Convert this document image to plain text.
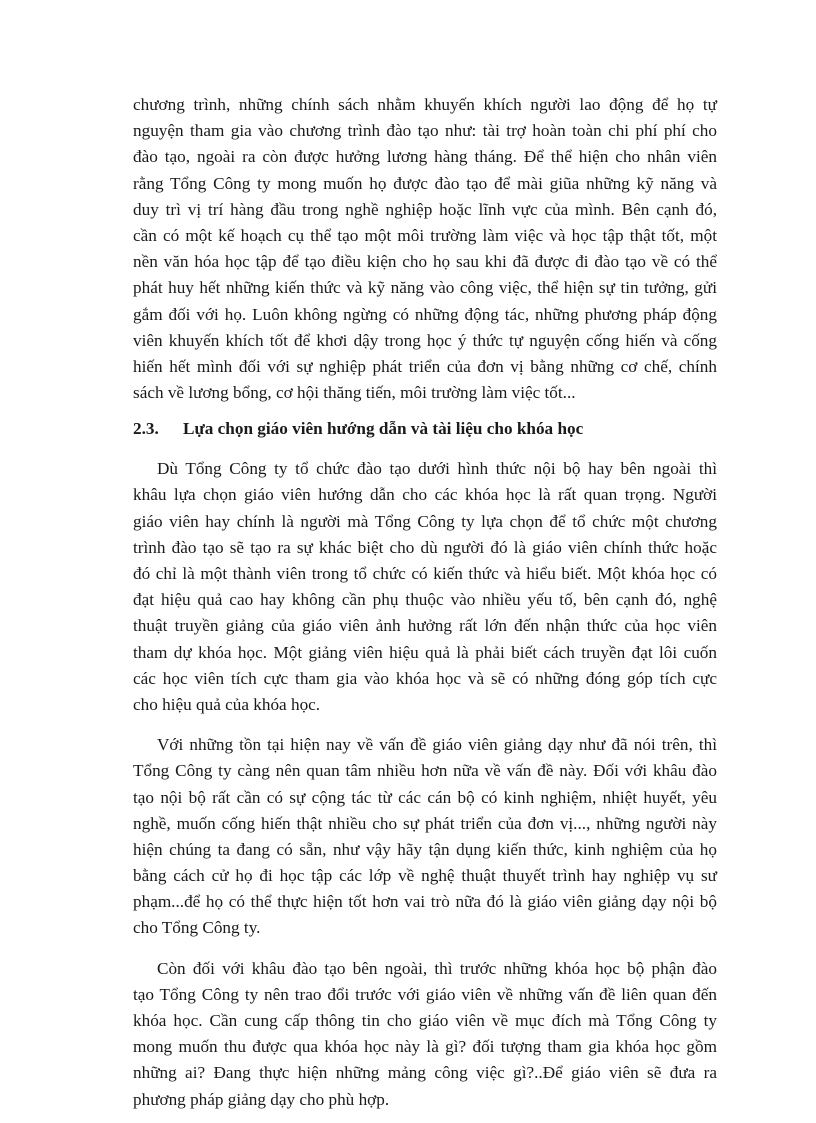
chương trình, những chính sách nhằm khuyến khích người lao động để họ tự
nguyện tham gia vào chương trình đào tạo như: tài trợ hoàn toàn chi phí phí cho
đào tạo, ngoài ra còn được hưởng lương hàng tháng. Để thể hiện cho nhân viên
rằng Tổng Công ty mong muốn họ được đào tạo để mài giũa những kỹ năng và
duy trì vị trí hàng đầu trong nghề nghiệp hoặc lĩnh vực của mình. Bên cạnh đó,
cần có một kế hoạch cụ thể tạo một môi trường làm việc và học tập thật tốt, một
nền văn hóa học tập để tạo điều kiện cho họ sau khi đã được đi đào tạo về có thể
phát huy hết những kiến thức và kỹ năng vào công việc, thể hiện sự tin tưởng, gửi
gắm đối với họ. Luôn không ngừng có những động tác, những phương pháp động
viên khuyến khích tốt để khơi dậy trong học ý thức tự nguyện cống hiến và cống
hiến hết mình đối với sự nghiệp phát triển của đơn vị bằng những cơ chế, chính
sách về lương bổng, cơ hội thăng tiến, môi trường làm việc tốt...
2.3.	Lựa chọn giáo viên hướng dẫn và tài liệu cho khóa học
Dù Tổng Công ty tổ chức đào tạo dưới hình thức nội bộ hay bên ngoài thì
khâu lựa chọn giáo viên hướng dẫn cho các khóa học là rất quan trọng. Người
giáo viên hay chính là người mà Tổng Công ty lựa chọn để tổ chức một chương
trình đào tạo sẽ tạo ra sự khác biệt cho dù người đó là giáo viên chính thức hoặc
đó chỉ là một thành viên trong tổ chức có kiến thức và hiểu biết. Một khóa học có
đạt hiệu quả cao hay không cần phụ thuộc vào nhiều yếu tố, bên cạnh đó, nghệ
thuật truyền giảng của giáo viên ảnh hưởng rất lớn đến nhận thức của học viên
tham dự khóa học. Một giảng viên hiệu quả là phải biết cách truyền đạt lôi cuốn
các học viên tích cực tham gia vào khóa học và sẽ có những đóng góp tích cực
cho hiệu quả của khóa học.
Với những tồn tại hiện nay về vấn đề giáo viên giảng dạy như đã nói trên, thì
Tổng Công ty càng nên quan tâm nhiều hơn nữa về vấn đề này. Đối với khâu đào
tạo nội bộ rất cần có sự cộng tác từ các cán bộ có kinh nghiệm, nhiệt huyết, yêu
nghề, muốn cống hiến thật nhiều cho sự phát triển của đơn vị..., những người này
hiện chúng ta đang có sẵn, như vậy hãy tận dụng kiến thức, kinh nghiệm của họ
bằng cách cử họ đi học tập các lớp về nghệ thuật thuyết trình hay nghiệp vụ sư
phạm...để họ có thể thực hiện tốt hơn vai trò nữa đó là giáo viên giảng dạy nội bộ
cho Tổng Công ty.
Còn đối với khâu đào tạo bên ngoài, thì trước những khóa học bộ phận đào
tạo Tổng Công ty nên trao đổi trước với giáo viên về những vấn đề liên quan đến
khóa học. Cần cung cấp thông tin cho giáo viên về mục đích mà Tổng Công ty
mong muốn thu được qua khóa học này là gì? đối tượng tham gia khóa học gồm
những ai? Đang thực hiện những mảng công việc gì?..Để giáo viên sẽ đưa ra
phương pháp giảng dạy cho phù hợp.
